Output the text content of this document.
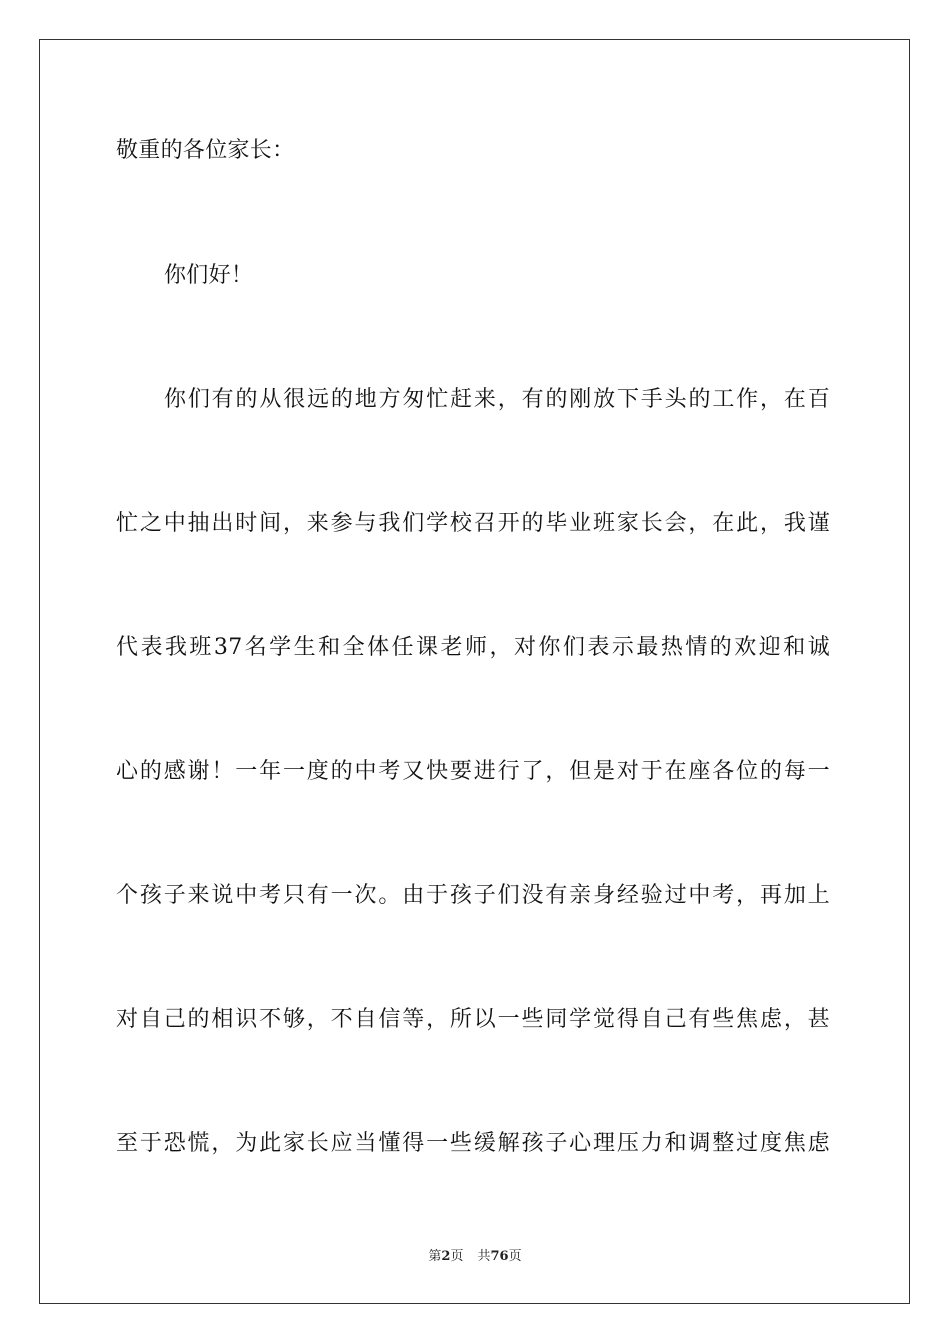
敬重的各位家长：
你们好！
你们有的从很远的地方匆忙赶来，有的刚放下手头的工作，在百
忙之中抽出时间，来参与我们学校召开的毕业班家长会，在此，我谨
代表我班37名学生和全体任课老师，对你们表示最热情的欢迎和诚
心的感谢！一年一度的中考又快要进行了，但是对于在座各位的每一
个孩子来说中考只有一次。由于孩子们没有亲身经验过中考，再加上
对自己的相识不够，不自信等，所以一些同学觉得自己有些焦虑，甚
至于恐慌，为此家长应当懂得一些缓解孩子心理压力和调整过度焦虑
第2页 共76页
